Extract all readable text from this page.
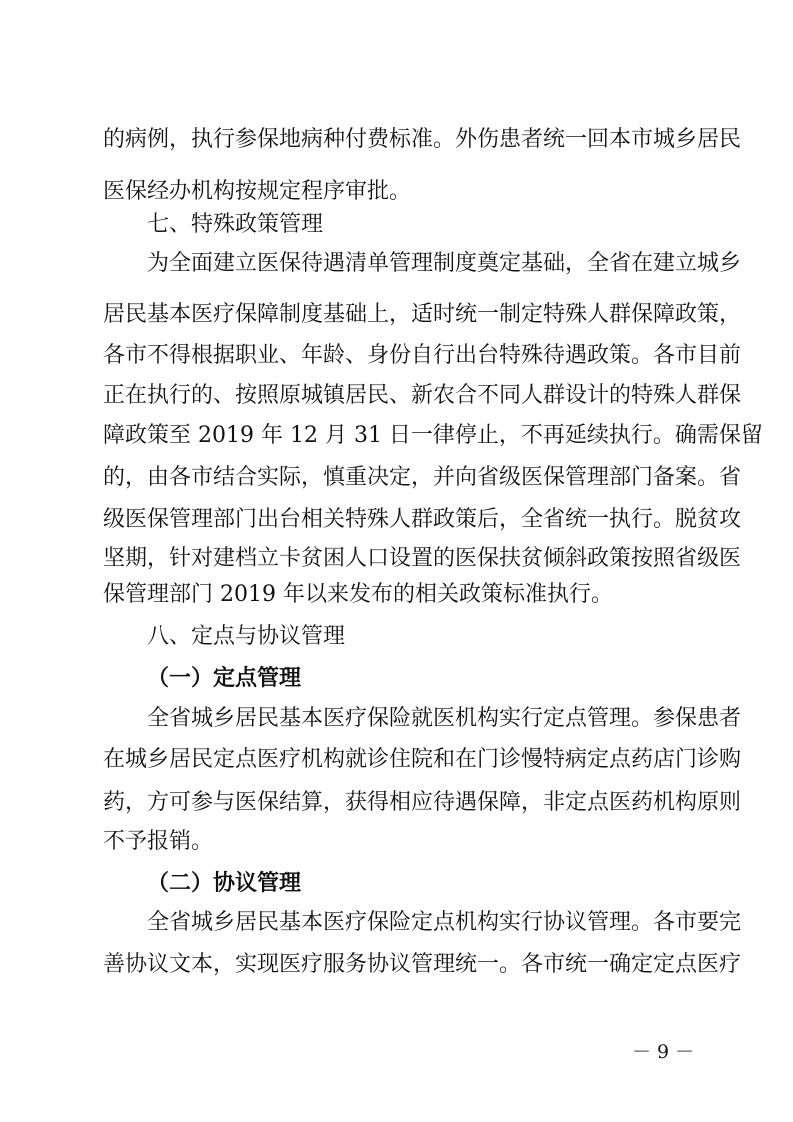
的病例，执行参保地病种付费标准。外伤患者统一回本市城乡居民
医保经办机构按规定程序审批。
七、特殊政策管理
为全面建立医保待遇清单管理制度奠定基础，全省在建立城乡
居民基本医疗保障制度基础上，适时统一制定特殊人群保障政策，
各市不得根据职业、年龄、身份自行出台特殊待遇政策。各市目前
正在执行的、按照原城镇居民、新农合不同人群设计的特殊人群保
障政策至 2019 年 12 月 31 日一律停止，不再延续执行。确需保留
的，由各市结合实际，慎重决定，并向省级医保管理部门备案。省
级医保管理部门出台相关特殊人群政策后，全省统一执行。脱贫攻
坚期，针对建档立卡贫困人口设置的医保扶贫倾斜政策按照省级医
保管理部门 2019 年以来发布的相关政策标准执行。
八、定点与协议管理
（一）定点管理
全省城乡居民基本医疗保险就医机构实行定点管理。参保患者
在城乡居民定点医疗机构就诊住院和在门诊慢特病定点药店门诊购
药，方可参与医保结算，获得相应待遇保障，非定点医药机构原则
不予报销。
（二）协议管理
全省城乡居民基本医疗保险定点机构实行协议管理。各市要完
善协议文本，实现医疗服务协议管理统一。各市统一确定定点医疗
－ 9 －
